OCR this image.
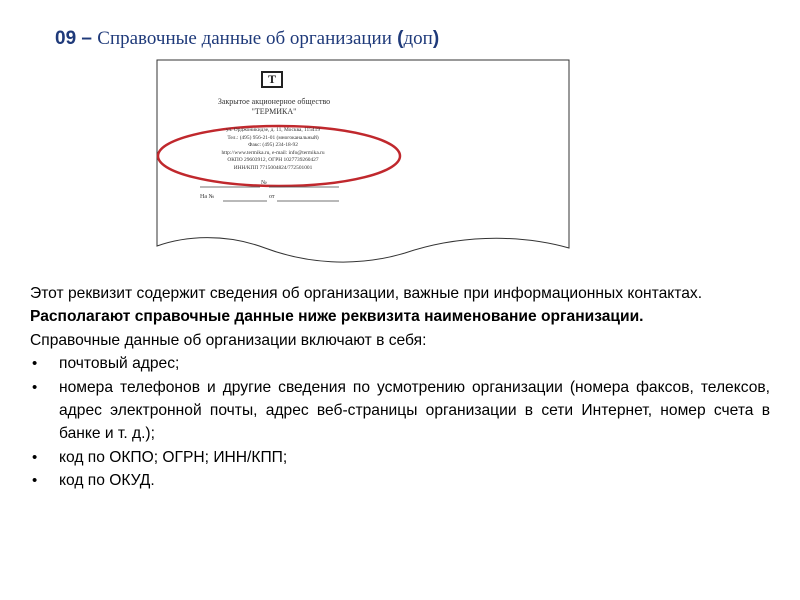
09 – Справочные данные об организации (доп)
Т
Закрытое акционерное общество
"ТЕРМИКА"
ул. Орджоникидзе, д. 11, Москва, 115419
Тел.: (495) 956-21-01 (многоканальный)
Факс: (495) 234-18-92
http://www.termika.ru, e-mail: info@termika.ru
ОКПО 29603912, ОГРН 1027739260427
ИНН/КПП 7715004824/772501001
№
На №	от
Этот реквизит содержит сведения об организации, важные при информационных контактах.
Располагают справочные данные ниже реквизита наименование организации.
Справочные данные об организации включают в себя:
• почтовый адрес;
• номера телефонов и другие сведения по усмотрению организации (номера факсов, телексов, адрес электронной почты, адрес веб-страницы организации в сети Интернет, номер счета в банке и т. д.);
• код по ОКПО; ОГРН; ИНН/КПП;
• код по ОКУД.
